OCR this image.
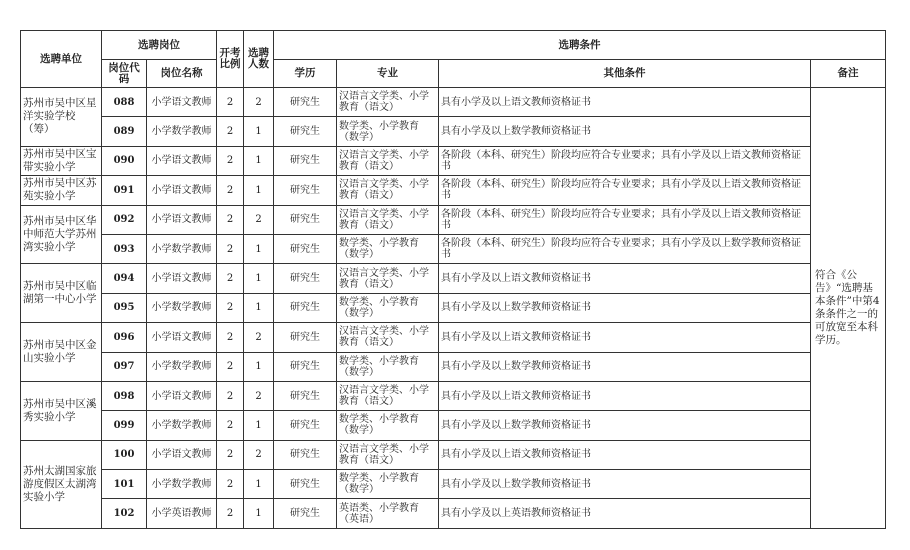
选聘单位	选聘岗位		开考比例	选聘人数	选聘条件			
	岗位代码	岗位名称			学历	专业	其他条件	备注
苏州市吴中区星洋实验学校（筹）	088	小学语文教师	2	2	研究生	汉语言文学类、小学教育（语文）	具有小学及以上语文教师资格证书	符合《公告》“选聘基本条件”中第4条条件之一的可放宽至本科学历。
	089	小学数学教师	2	1	研究生	数学类、小学教育（数学）	具有小学及以上数学教师资格证书	
苏州市吴中区宝带实验小学	090	小学语文教师	2	1	研究生	汉语言文学类、小学教育（语文）	各阶段（本科、研究生）阶段均应符合专业要求；具有小学及以上语文教师资格证书	
苏州市吴中区苏苑实验小学	091	小学语文教师	2	1	研究生	汉语言文学类、小学教育（语文）	各阶段（本科、研究生）阶段均应符合专业要求；具有小学及以上语文教师资格证书	
苏州市吴中区华中师范大学苏州湾实验小学	092	小学语文教师	2	2	研究生	汉语言文学类、小学教育（语文）	各阶段（本科、研究生）阶段均应符合专业要求；具有小学及以上语文教师资格证书	
	093	小学数学教师	2	1	研究生	数学类、小学教育（数学）	各阶段（本科、研究生）阶段均应符合专业要求；具有小学及以上数学教师资格证书	
苏州市吴中区临湖第一中心小学	094	小学语文教师	2	1	研究生	汉语言文学类、小学教育（语文）	具有小学及以上语文教师资格证书	
	095	小学数学教师	2	1	研究生	数学类、小学教育（数学）	具有小学及以上数学教师资格证书	
苏州市吴中区金山实验小学	096	小学语文教师	2	2	研究生	汉语言文学类、小学教育（语文）	具有小学及以上语文教师资格证书	
	097	小学数学教师	2	1	研究生	数学类、小学教育（数学）	具有小学及以上数学教师资格证书	
苏州市吴中区溪秀实验小学	098	小学语文教师	2	2	研究生	汉语言文学类、小学教育（语文）	具有小学及以上语文教师资格证书	
	099	小学数学教师	2	1	研究生	数学类、小学教育（数学）	具有小学及以上数学教师资格证书	
苏州太湖国家旅游度假区太湖湾实验小学	100	小学语文教师	2	2	研究生	汉语言文学类、小学教育（语文）	具有小学及以上语文教师资格证书	
	101	小学数学教师	2	1	研究生	数学类、小学教育（数学）	具有小学及以上数学教师资格证书	
	102	小学英语教师	2	1	研究生	英语类、小学教育（英语）	具有小学及以上英语教师资格证书	
